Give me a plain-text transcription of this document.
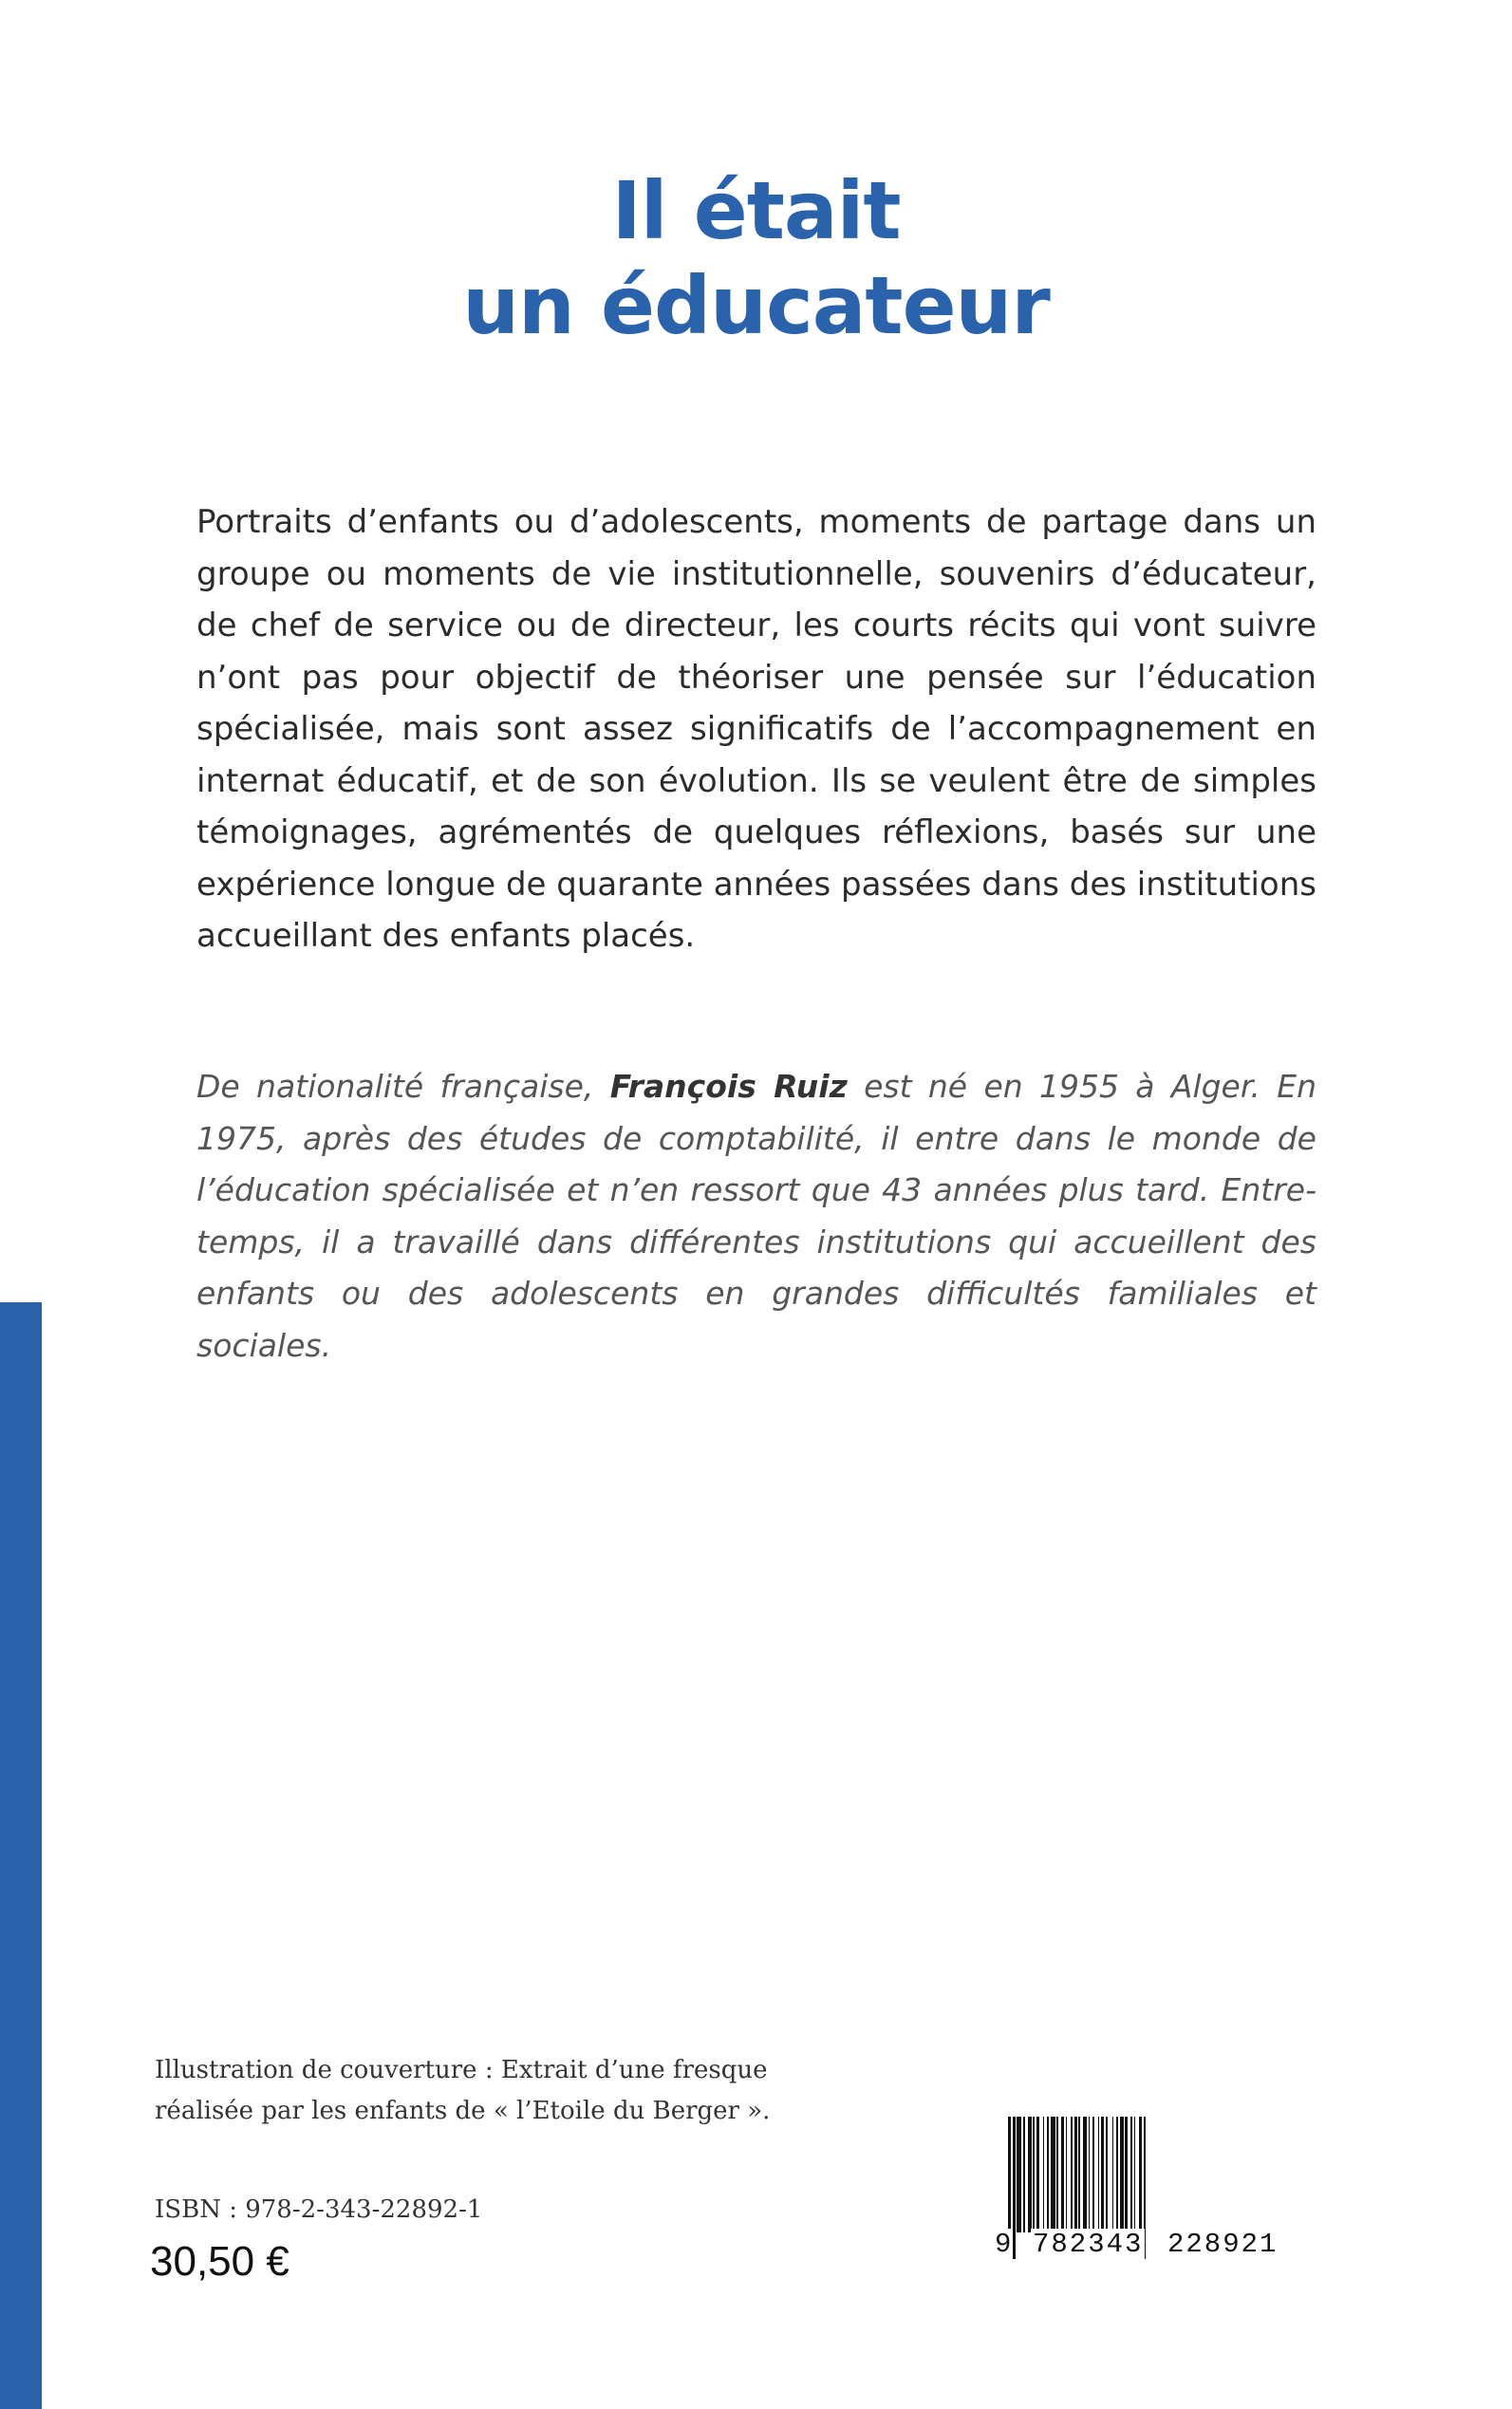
Il était
un éducateur

Portraits d’enfants ou d’adolescents, moments de partage dans un groupe ou moments de vie institutionnelle, souvenirs d’éducateur, de chef de service ou de directeur, les courts récits qui vont suivre n’ont pas pour objectif de théoriser une pensée sur l’éducation spécialisée, mais sont assez significatifs de l’accompagnement en internat éducatif, et de son évolution. Ils se veulent être de simples témoignages, agrémentés de quelques réflexions, basés sur une expérience longue de quarante années passées dans des institutions accueillant des enfants placés.

De nationalité française, François Ruiz est né en 1955 à Alger. En 1975, après des études de comptabilité, il entre dans le monde de l’éducation spécialisée et n’en ressort que 43 années plus tard. Entre-temps, il a travaillé dans différentes institutions qui accueillent des enfants ou des adolescents en grandes difficultés familiales et sociales.

Illustration de couverture : Extrait d’une fresque
réalisée par les enfants de « l’Etoile du Berger ».

ISBN : 978-2-343-22892-1
30,50 €	9 782343 228921
